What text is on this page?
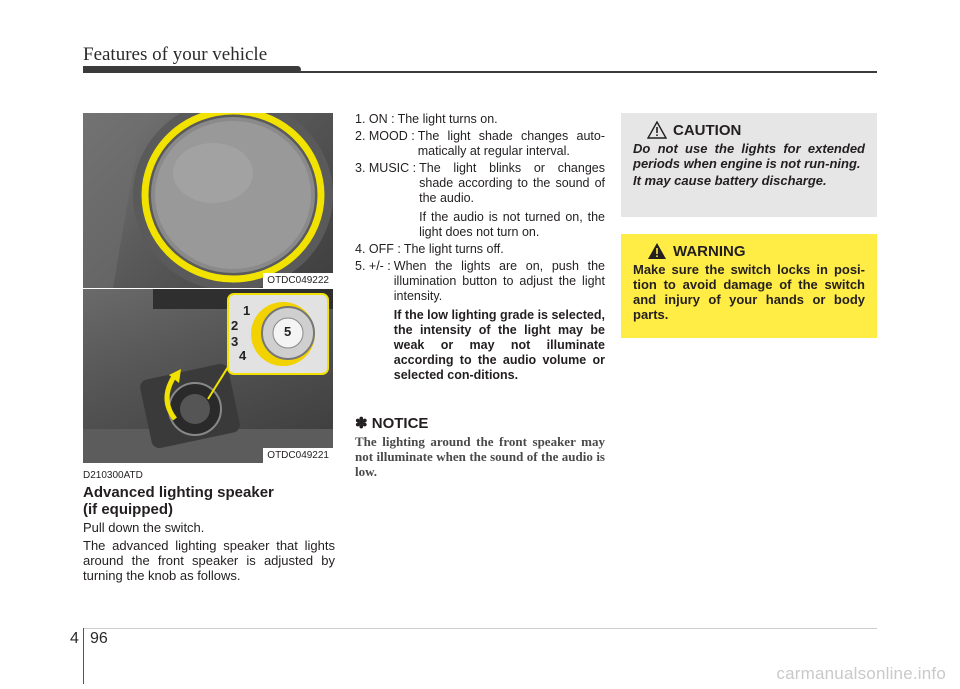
Features of your vehicle
OTDC049222
1
2
3
4
5
OTDC049221
D210300ATD
Advanced lighting speaker
(if equipped)
Pull down the switch.
The advanced lighting speaker that lights around the front speaker is adjusted by turning the knob as follows.
1. ON : The light turns on.
2. MOOD : The light shade changes auto-matically at regular interval.
3. MUSIC : The light blinks or changes shade according to the sound of the audio.
If the audio is not turned on, the light does not turn on.
4. OFF : The light turns off.
5. +/- : When the lights are on, push the illumination button to adjust the light intensity.
If the low lighting grade is selected, the intensity of the light may be weak or may not illuminate according to the audio volume or selected con-ditions.
✽ NOTICE
The lighting around the front speaker may not illuminate when the sound of the audio is low.
CAUTION

Do not use the lights for extended periods when engine is not run-ning.

It may cause battery discharge.

WARNING
Make sure the switch locks in posi-tion to avoid damage of the switch and injury of your hands or body parts.
4 96
carmanualsonline.info
